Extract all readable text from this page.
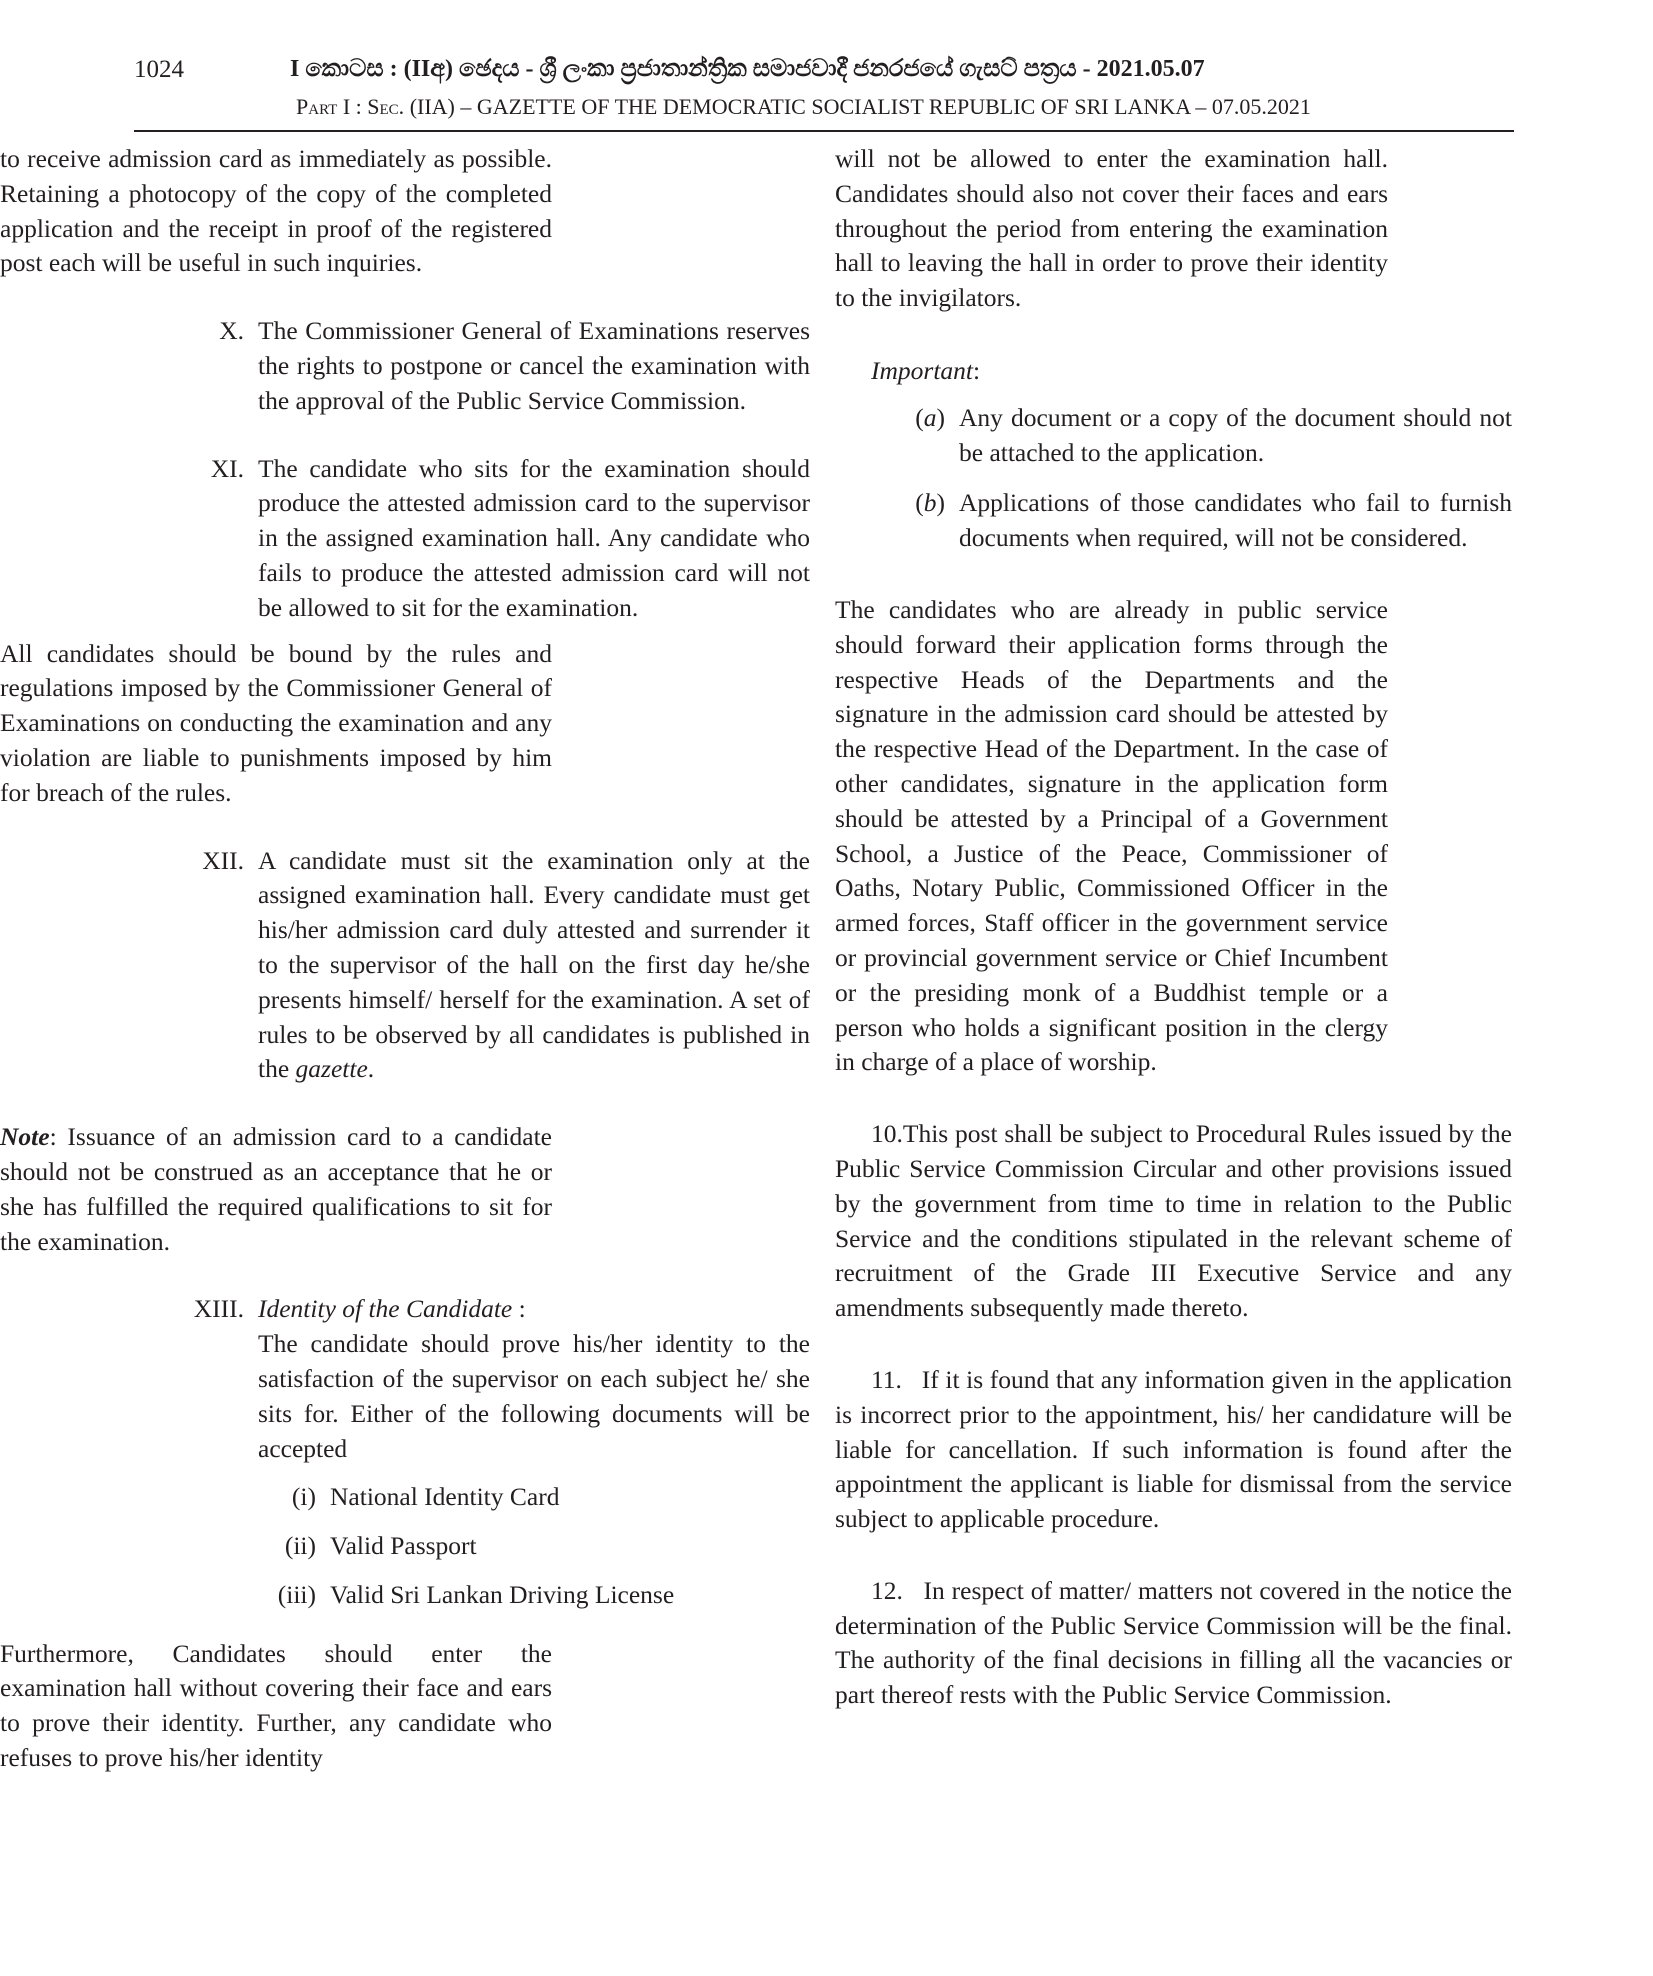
1024	I කොටස : (IIඅ) ඡෙදය - ශ්‍රී ලංකා ප්‍රජාතාන්ත්‍රික සමාජවාදී ජනරජයේ ගැසට් පත්‍රය - 2021.05.07
Part I : Sec. (IIA) – GAZETTE OF THE DEMOCRATIC SOCIALIST REPUBLIC OF SRI LANKA – 07.05.2021

to receive admission card as immediately as possible. Retaining a photocopy of the copy of the completed application and the receipt in proof of the registered post each will be useful in such inquiries.

X. The Commissioner General of Examinations reserves the rights to postpone or cancel the examination with the approval of the Public Service Commission.

XI. The candidate who sits for the examination should produce the attested admission card to the supervisor in the assigned examination hall. Any candidate who fails to produce the attested admission card will not be allowed to sit for the examination.

All candidates should be bound by the rules and regulations imposed by the Commissioner General of Examinations on conducting the examination and any violation are liable to punishments imposed by him for breach of the rules.

XII. A candidate must sit the examination only at the assigned examination hall. Every candidate must get his/her admission card duly attested and surrender it to the supervisor of the hall on the first day he/she presents himself/ herself for the examination. A set of rules to be observed by all candidates is published in the gazette.

Note: Issuance of an admission card to a candidate should not be construed as an acceptance that he or she has fulfilled the required qualifications to sit for the examination.

XIII. Identity of the Candidate :

The candidate should prove his/her identity to the satisfaction of the supervisor on each subject he/ she sits for. Either of the following documents will be accepted

(i) National Identity Card
(ii) Valid Passport
(iii) Valid Sri Lankan Driving License

Furthermore, Candidates should enter the examination hall without covering their face and ears to prove their identity. Further, any candidate who refuses to prove his/her identity

will not be allowed to enter the examination hall. Candidates should also not cover their faces and ears throughout the period from entering the examination hall to leaving the hall in order to prove their identity to the invigilators.

Important:

(a) Any document or a copy of the document should not be attached to the application.

(b) Applications of those candidates who fail to furnish documents when required, will not be considered.

The candidates who are already in public service should forward their application forms through the respective Heads of the Departments and the signature in the admission card should be attested by the respective Head of the Department. In the case of other candidates, signature in the application form should be attested by a Principal of a Government School, a Justice of the Peace, Commissioner of Oaths, Notary Public, Commissioned Officer in the armed forces, Staff officer in the government service or provincial government service or Chief Incumbent or the presiding monk of a Buddhist temple or a person who holds a significant position in the clergy in charge of a place of worship.

10.This post shall be subject to Procedural Rules issued by the Public Service Commission Circular and other provisions issued by the government from time to time in relation to the Public Service and the conditions stipulated in the relevant scheme of recruitment of the Grade III Executive Service and any amendments subsequently made thereto.

11.   If it is found that any information given in the application is incorrect prior to the appointment, his/ her candidature will be liable for cancellation. If such information is found after the appointment the applicant is liable for dismissal from the service subject to applicable procedure.

12.   In respect of matter/ matters not covered in the notice the determination of the Public Service Commission will be the final. The authority of the final decisions in filling all the vacancies or part thereof rests with the Public Service Commission.
